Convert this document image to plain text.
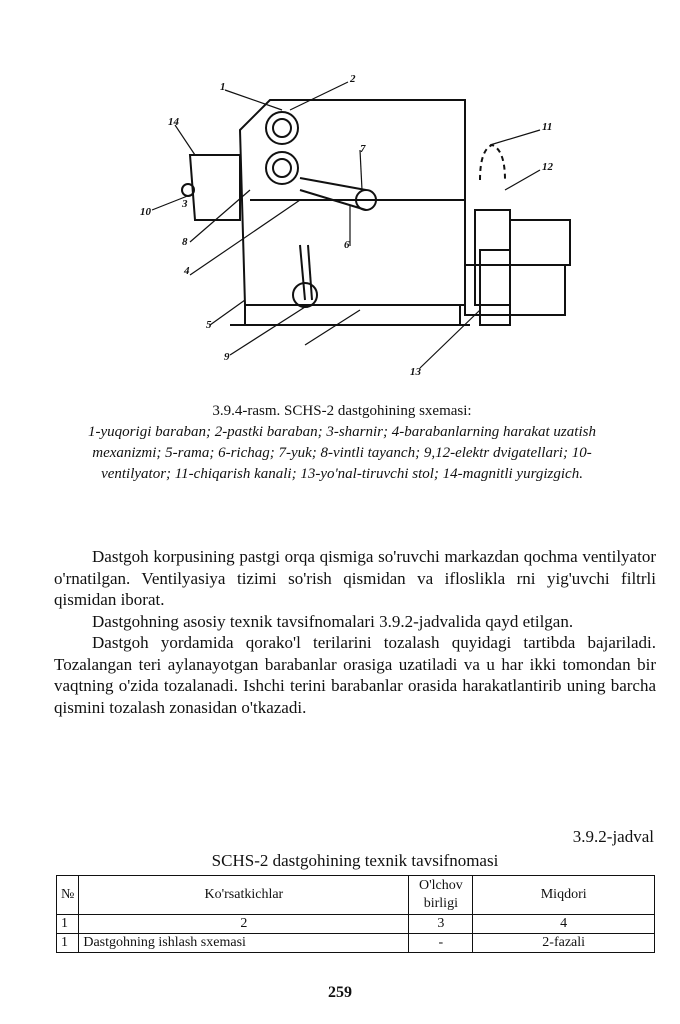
1
2
3
4
5
6
7
8
9
10
11
12
13
14
3.9.4-rasm. SCHS-2 dastgohining sxemasi:
1-yuqorigi baraban; 2-pastki baraban; 3-sharnir; 4-barabanlarning harakat uzatish mexanizmi; 5-rama; 6-richag; 7-yuk; 8-vintli tayanch; 9,12-elektr dvigatellari; 10-ventilyator; 11-chiqarish kanali; 13-yo'nal-tiruvchi stol; 14-magnitli yurgizgich.

Dastgoh korpusining pastgi orqa qismiga so'ruvchi markazdan qochma ventilyator o'rnatilgan. Ventilyasiya tizimi so'rish qismidan va ifloslikla rni yig'uvchi filtrli qismidan iborat.

Dastgohning asosiy texnik tavsifnomalari 3.9.2-jadvalida qayd etilgan.

Dastgoh yordamida qorako'l terilarini tozalash quyidagi tartibda bajariladi. Tozalangan teri aylanayotgan barabanlar orasiga uzatiladi va u har ikki tomondan bir vaqtning o'zida tozalanadi. Ishchi terini barabanlar orasida harakatlantirib uning barcha qismini tozalash zonasidan o'tkazadi.

3.9.2-jadval
SCHS-2 dastgohining texnik tavsifnomasi
№	Ko'rsatkichlar	O'lchov birligi	Miqdori
1	2	3	4
1	Dastgohning ishlash sxemasi	-	2-fazali
259
